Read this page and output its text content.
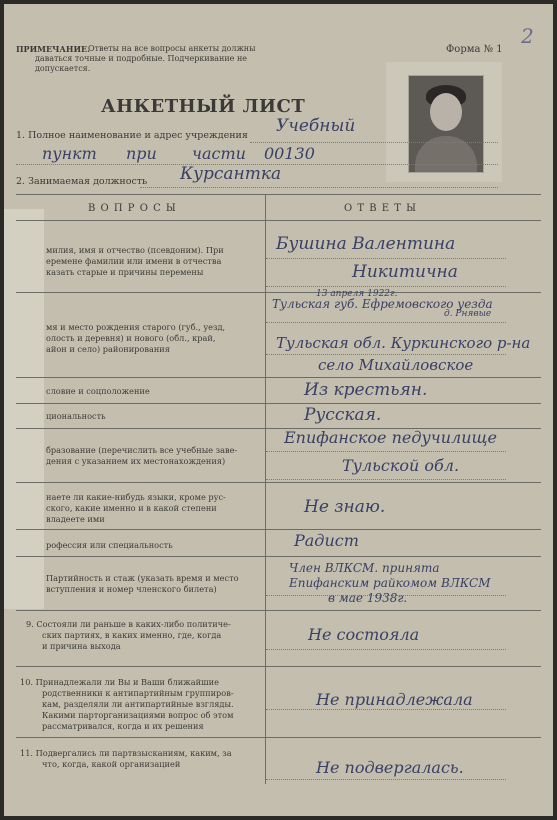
2
ПРИМЕЧАНИЕ.
Ответы на все вопросы анкеты должны
даваться точные и подробные. Подчеркивание не
допускается.
Форма № 1
АНКЕТНЫЙ ЛИСТ
1. Полное наименование и адрес учреждения Учебный
пункт при части 00130
2. Занимаемая должность Курсантка
В О П Р О С Ы	О Т В Е Т Ы
милия, имя и отчество (псевдоним). При
еремене фамилии или имени в отчества
казать старые и причины перемены
Бушина Валентина
Никитична
мя и место рождения старого (губ., уезд,
олость и деревня) и нового (обл., край,
айон и село) районирования
13 апреля 1922г.
д. Рнявые
Тульская губ. Ефремовского уезда
Тульская обл. Куркинского р-на
село Михайловское
словие и соцположение	Из крестьян.
циональность	Русская.
бразование (перечислить все учебные заве-
дения с указанием их местонахождения)
Епифанское педучилище
Тульской обл.
наете ли какие-нибудь языки, кроме рус-
ского, какие именно и в какой степени
владеете ими
Не знаю.
рофессия или специальность	Радист
Партийность и стаж (указать время и место
вступления и номер членского билета)
Член ВЛКСМ. принята
Епифанским райкомом ВЛКСМ
в мае 1938г.
9. Состояли ли раньше в каких-либо политиче-
ских партиях, в каких именно, где, когда
и причина выхода
Не состояла
10. Принадлежали ли Вы и Ваши ближайшие
родственники к антипартийным группиров-
кам, разделяли ли антипартийные взгляды.
Какими парторганизациями вопрос об этом
рассматривался, когда и их решения
Не принадлежала
11. Подвергались ли партвзысканиям, каким, за
что, когда, какой организацией	Не подвергалась.
